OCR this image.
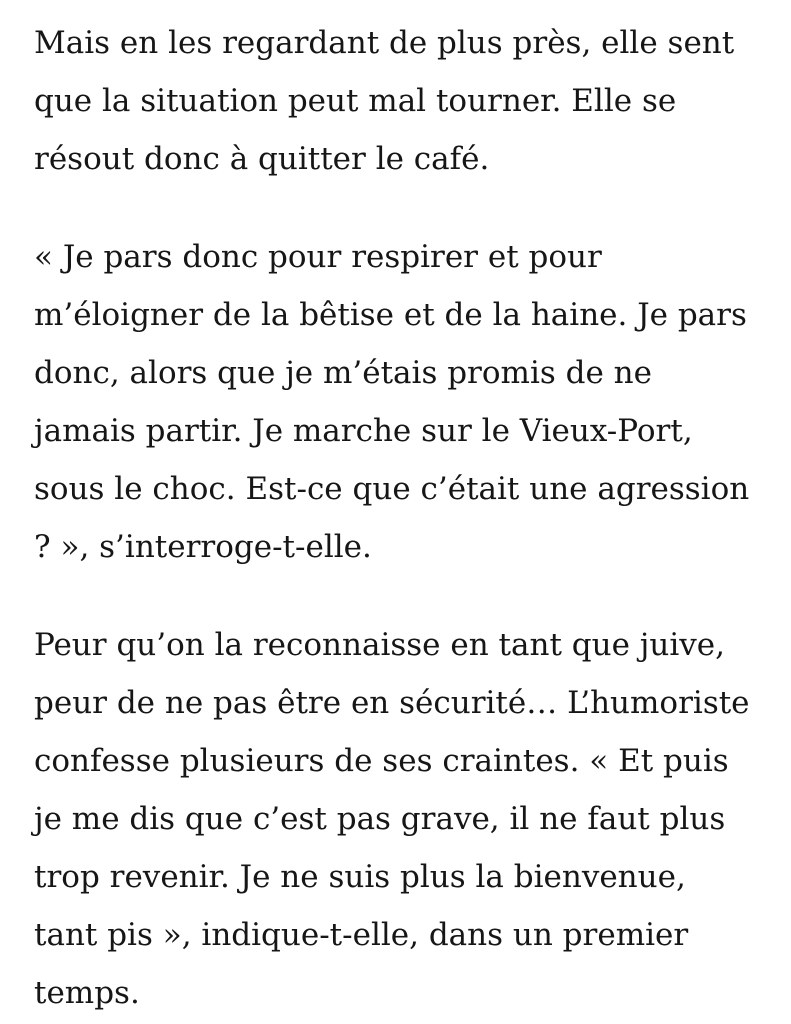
Mais en les regardant de plus près, elle sent
que la situation peut mal tourner. Elle se
résout donc à quitter le café.

« Je pars donc pour respirer et pour
m’éloigner de la bêtise et de la haine. Je pars
donc, alors que je m’étais promis de ne
jamais partir. Je marche sur le Vieux-Port,
sous le choc. Est-ce que c’était une agression
? », s’interroge-t-elle.

Peur qu’on la reconnaisse en tant que juive,
peur de ne pas être en sécurité… L’humoriste
confesse plusieurs de ses craintes. « Et puis
je me dis que c’est pas grave, il ne faut plus
trop revenir. Je ne suis plus la bienvenue,
tant pis », indique-t-elle, dans un premier
temps.
